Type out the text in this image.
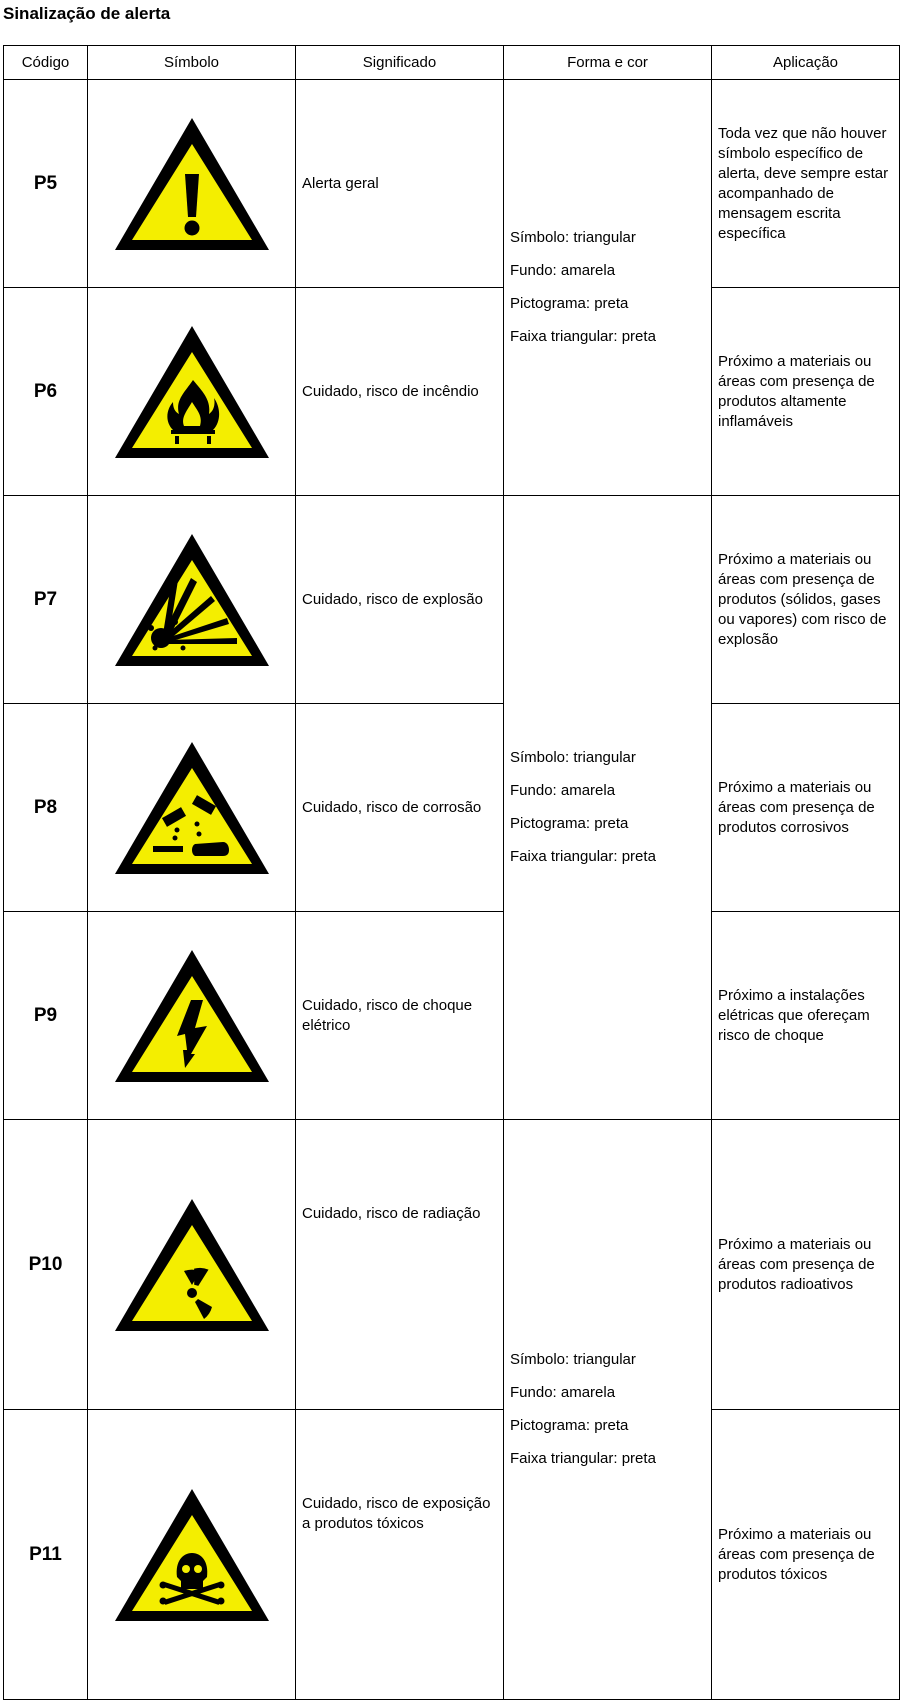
Sinalização de alerta
Código	Símbolo	Significado	Forma e cor	Aplicação
P5		Alerta geral	Símbolo: triangular
Fundo: amarela
Pictograma: preta
Faixa triangular: preta	Toda vez que não houver símbolo específico de alerta, deve sempre estar acompanhado de mensagem escrita específica
P6		Cuidado, risco de incêndio		Próximo a materiais ou áreas com presença de produtos altamente inflamáveis
P7		Cuidado, risco de explosão	Símbolo: triangular
Fundo: amarela
Pictograma: preta
Faixa triangular: preta	Próximo a materiais ou áreas com presença de produtos (sólidos, gases ou vapores) com risco de explosão
P8		Cuidado, risco de corrosão		Próximo a materiais ou áreas com presença de produtos corrosivos
P9		Cuidado, risco de choque elétrico		Próximo a instalações elétricas que ofereçam risco de choque
P10		Cuidado, risco de radiação	Símbolo: triangular
Fundo: amarela
Pictograma: preta
Faixa triangular: preta	Próximo a materiais ou áreas com presença de produtos radioativos
P11		Cuidado, risco de exposição a produtos tóxicos		Próximo a materiais ou áreas com presença de produtos tóxicos
